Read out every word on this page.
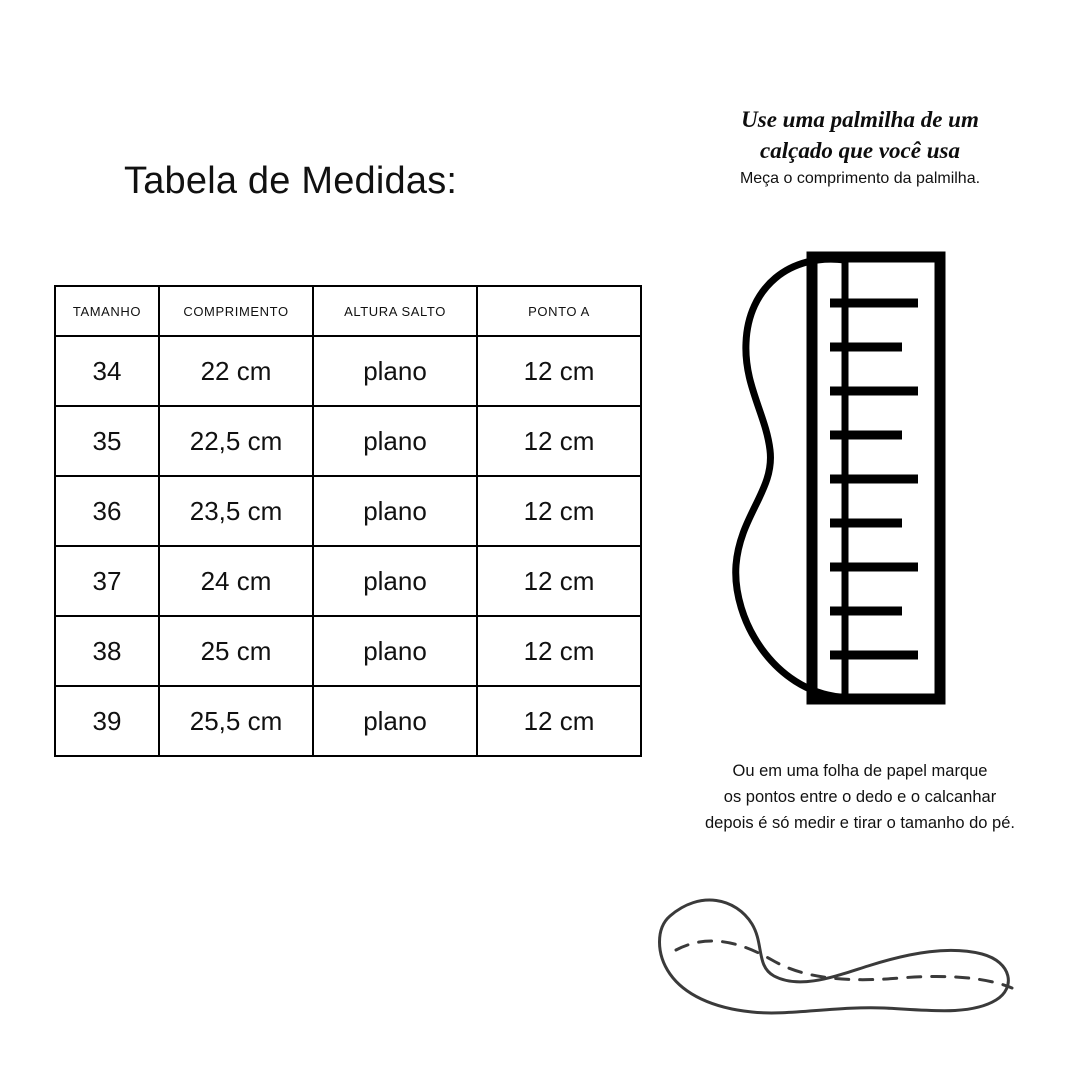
Tabela de Medidas:
TAMANHO	COMPRIMENTO	ALTURA SALTO	PONTO A
34	22 cm	plano	12 cm
35	22,5 cm	plano	12 cm
36	23,5 cm	plano	12 cm
37	24 cm	plano	12 cm
38	25 cm	plano	12 cm
39	25,5 cm	plano	12 cm
Use uma palmilha de um
calçado que você usa
Meça o comprimento da palmilha.
Ou em uma folha de papel marque
os pontos entre o dedo e o calcanhar
depois é só medir e tirar o tamanho do pé.
